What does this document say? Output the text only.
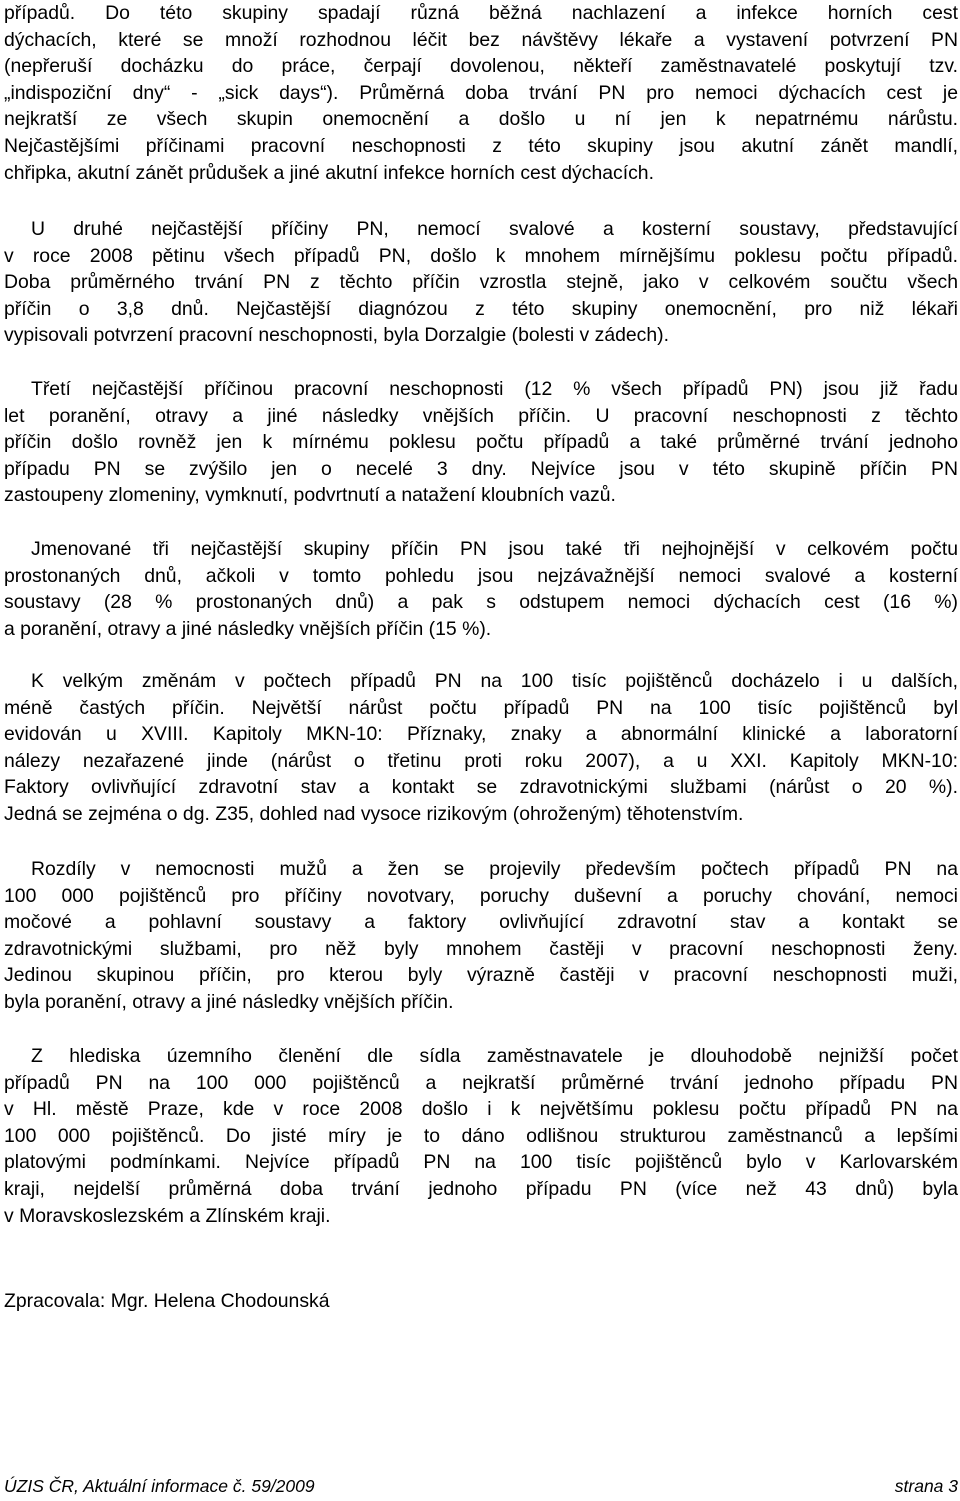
případů. Do této skupiny spadají různá běžná nachlazení a infekce horních cest
dýchacích, které se množí rozhodnou léčit bez návštěvy lékaře a vystavení potvrzení PN
(nepřeruší docházku do práce, čerpají dovolenou, někteří zaměstnavatelé poskytují tzv.
„indispoziční dny“ - „sick days“). Průměrná doba trvání PN pro nemoci dýchacích cest je
nejkratší ze všech skupin onemocnění a došlo u ní jen k nepatrnému nárůstu.
Nejčastějšími příčinami pracovní neschopnosti z této skupiny jsou akutní zánět mandlí,
chřipka, akutní zánět průdušek a jiné akutní infekce horních cest dýchacích.
U druhé nejčastější příčiny PN, nemocí svalové a kosterní soustavy, představující
v roce 2008 pětinu všech případů PN, došlo k mnohem mírnějšímu poklesu počtu případů.
Doba průměrného trvání PN z těchto příčin vzrostla stejně, jako v celkovém součtu všech
příčin o 3,8 dnů. Nejčastější diagnózou z této skupiny onemocnění, pro niž lékaři
vypisovali potvrzení pracovní neschopnosti, byla Dorzalgie (bolesti v zádech).
Třetí nejčastější příčinou pracovní neschopnosti (12 % všech případů PN) jsou již řadu
let poranění, otravy a jiné následky vnějších příčin. U pracovní neschopnosti z těchto
příčin došlo rovněž jen k mírnému poklesu počtu případů a také průměrné trvání jednoho
případu PN se zvýšilo jen o necelé 3 dny. Nejvíce jsou v této skupině příčin PN
zastoupeny zlomeniny, vymknutí, podvrtnutí a natažení kloubních vazů.
Jmenované tři nejčastější skupiny příčin PN jsou také tři nejhojnější v celkovém počtu
prostonaných dnů, ačkoli v tomto pohledu jsou nejzávažnější nemoci svalové a kosterní
soustavy (28 % prostonaných dnů) a pak s odstupem nemoci dýchacích cest (16 %)
a poranění, otravy a jiné následky vnějších příčin (15 %).
K velkým změnám v počtech případů PN na 100 tisíc pojištěnců docházelo i u dalších,
méně častých příčin. Největší nárůst počtu případů PN na 100 tisíc pojištěnců byl
evidován u XVIII. Kapitoly MKN-10: Příznaky, znaky a abnormální klinické a laboratorní
nálezy nezařazené jinde (nárůst o třetinu proti roku 2007), a u XXI. Kapitoly MKN-10:
Faktory ovlivňující zdravotní stav a kontakt se zdravotnickými službami (nárůst o 20 %).
Jedná se zejména o dg. Z35, dohled nad vysoce rizikovým (ohroženým) těhotenstvím.
Rozdíly v nemocnosti mužů a žen se projevily především počtech případů PN na
100 000 pojištěnců pro příčiny novotvary, poruchy duševní a poruchy chování, nemoci
močové a pohlavní soustavy a faktory ovlivňující zdravotní stav a kontakt se
zdravotnickými službami, pro něž byly mnohem častěji v pracovní neschopnosti ženy.
Jedinou skupinou příčin, pro kterou byly výrazně častěji v pracovní neschopnosti muži,
byla poranění, otravy a jiné následky vnějších příčin.
Z hlediska územního členění dle sídla zaměstnavatele je dlouhodobě nejnižší počet
případů PN na 100 000 pojištěnců a nejkratší průměrné trvání jednoho případu PN
v Hl. městě Praze, kde v roce 2008 došlo i k největšímu poklesu počtu případů PN na
100 000 pojištěnců. Do jisté míry je to dáno odlišnou strukturou zaměstnanců a lepšími
platovými podmínkami. Nejvíce případů PN na 100 tisíc pojištěnců bylo v Karlovarském
kraji, nejdelší průměrná doba trvání jednoho případu PN (více než 43 dnů) byla
v Moravskoslezském a Zlínském kraji.

Zpracovala: Mgr. Helena Chodounská

ÚZIS ČR, Aktuální informace č. 59/2009	strana 3
